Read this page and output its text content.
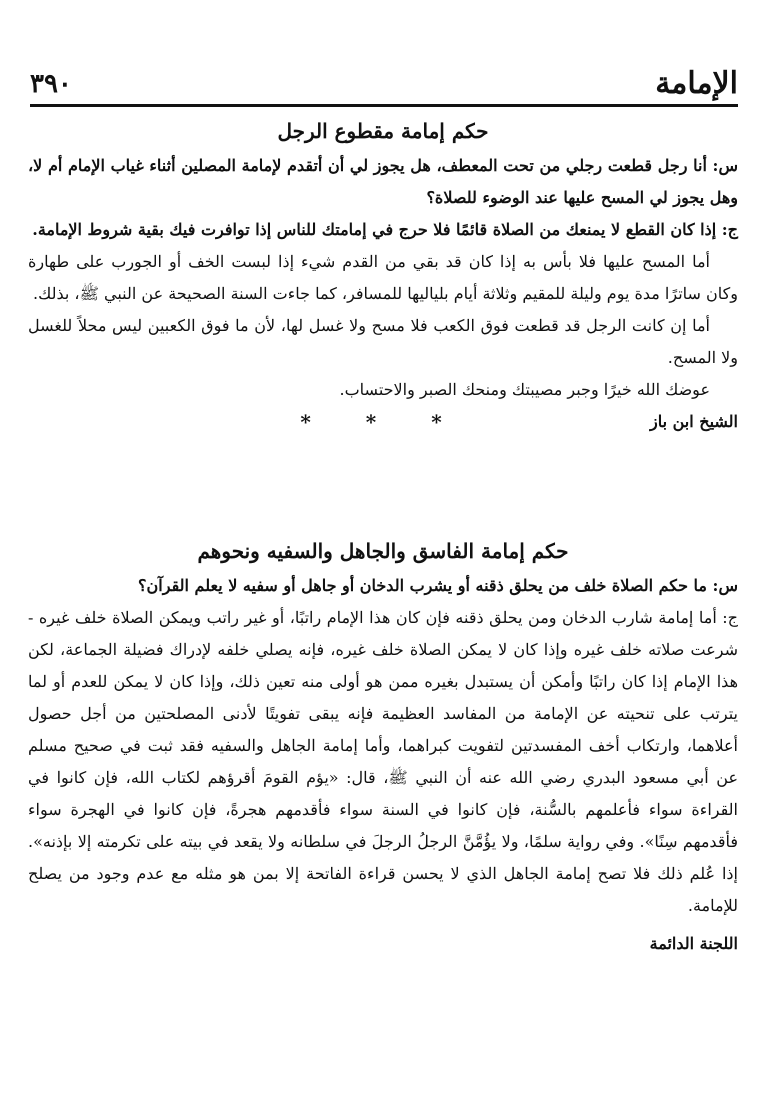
الإمامة
٣٩٠
حكم إمامة مقطوع الرجل

س: أنا رجل قطعت رجلي من تحت المعطف، هل يجوز لي أن أتقدم لإمامة المصلين أثناء غياب الإمام أم لا، وهل يجوز لي المسح عليها عند الوضوء للصلاة؟

ج: إذا كان القطع لا يمنعك من الصلاة قائمًا فلا حرج في إمامتك للناس إذا توافرت فيك بقية شروط الإمامة.

أما المسح عليها فلا بأس به إذا كان قد بقي من القدم شيء إذا لبست الخف أو الجورب على طهارة وكان ساترًا مدة يوم وليلة للمقيم وثلاثة أيام بلياليها للمسافر، كما جاءت السنة الصحيحة عن النبي ﷺ، بذلك.

أما إن كانت الرجل قد قطعت فوق الكعب فلا مسح ولا غسل لها، لأن ما فوق الكعبين ليس محلاً للغسل ولا المسح.

عوضك الله خيرًا وجبر مصيبتك ومنحك الصبر والاحتساب.

الشيخ ابن باز
* * *
حكم إمامة الفاسق والجاهل والسفيه ونحوهم

س: ما حكم الصلاة خلف من يحلق ذقنه أو يشرب الدخان أو جاهل أو سفيه لا يعلم القرآن؟

ج: أما إمامة شارب الدخان ومن يحلق ذقنه فإن كان هذا الإمام راتبًا، أو غير راتب ويمكن الصلاة خلف غيره - شرعت صلاته خلف غيره وإذا كان لا يمكن الصلاة خلف غيره، فإنه يصلي خلفه لإدراك فضيلة الجماعة، لكن هذا الإمام إذا كان راتبًا وأمكن أن يستبدل بغيره ممن هو أولى منه تعين ذلك، وإذا كان لا يمكن للعدم أو لما يترتب على تنحيته عن الإمامة من المفاسد العظيمة فإنه يبقى تفويتًا لأدنى المصلحتين من أجل حصول أعلاهما، وارتكاب أخف المفسدتين لتفويت كبراهما، وأما إمامة الجاهل والسفيه فقد ثبت في صحيح مسلم عن أبي مسعود البدري رضي الله عنه أن النبي ﷺ، قال: «يؤم القومَ أقرؤهم لكتاب الله، فإن كانوا في القراءة سواء فأعلمهم بالسُّنة، فإن كانوا في السنة سواء فأقدمهم هجرةً، فإن كانوا في الهجرة سواء فأقدمهم سِنًا». وفي رواية سلمًا، ولا يؤُمَّنَّ الرجلُ الرجلَ في سلطانه ولا يقعد في بيته على تكرمته إلا بإذنه». إذا عُلم ذلك فلا تصح إمامة الجاهل الذي لا يحسن قراءة الفاتحة إلا بمن هو مثله مع عدم وجود من يصلح للإمامة.

اللجنة الدائمة
